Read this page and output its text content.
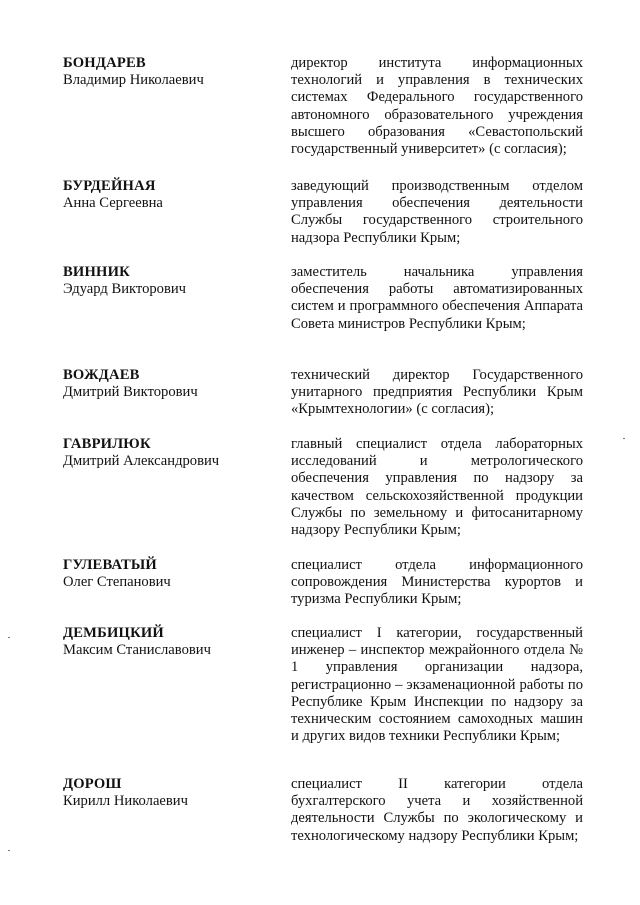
БОНДАРЕВ
Владимир Николаевич
директор института информационных технологий и управления в технических системах Федерального государственного автономного образовательного учреждения высшего образования «Севастопольский государственный университет» (с согласия);
БУРДЕЙНАЯ
Анна Сергеевна
заведующий производственным отделом управления обеспечения деятельности Службы государственного строительного надзора Республики Крым;
ВИННИК
Эдуард Викторович
заместитель начальника управления обеспечения работы автоматизированных систем и программного обеспечения Аппарата Совета министров Республики Крым;
ВОЖДАЕВ
Дмитрий Викторович
технический директор Государственного унитарного предприятия Республики Крым «Крымтехнологии» (с согласия);
ГАВРИЛЮК
Дмитрий Александрович
главный специалист отдела лабораторных исследований и метрологического обеспечения управления по надзору за качеством сельскохозяйственной продукции Службы по земельному и фитосанитарному надзору Республики Крым;
ГУЛЕВАТЫЙ
Олег Степанович
специалист отдела информационного сопровождения Министерства курортов и туризма Республики Крым;
ДЕМБИЦКИЙ
Максим Станиславович
специалист I категории, государственный инженер – инспектор межрайонного отдела № 1 управления организации надзора, регистрационно – экзаменационной работы по Республике Крым Инспекции по надзору за техническим состоянием самоходных машин и других видов техники Республики Крым;
ДОРОШ
Кирилл Николаевич
специалист II категории отдела бухгалтерского учета и хозяйственной деятельности Службы по экологическому и технологическому надзору Республики Крым;
